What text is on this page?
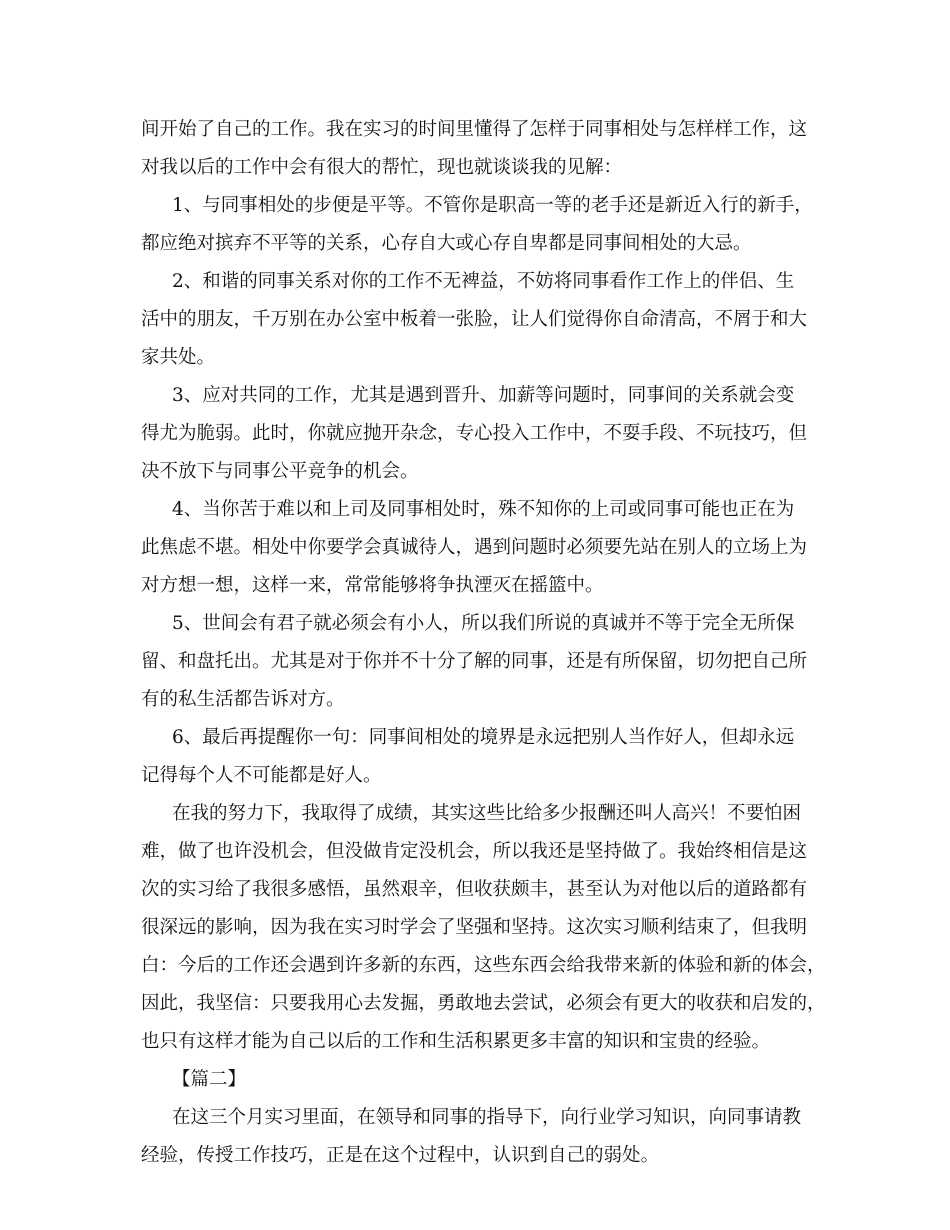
间开始了自己的工作。我在实习的时间里懂得了怎样于同事相处与怎样样工作，这
对我以后的工作中会有很大的帮忙，现也就谈谈我的见解：
1、与同事相处的步便是平等。不管你是职高一等的老手还是新近入行的新手，
都应绝对摈弃不平等的关系，心存自大或心存自卑都是同事间相处的大忌。
2、和谐的同事关系对你的工作不无裨益，不妨将同事看作工作上的伴侣、生
活中的朋友，千万别在办公室中板着一张脸，让人们觉得你自命清高，不屑于和大
家共处。
3、应对共同的工作，尤其是遇到晋升、加薪等问题时，同事间的关系就会变
得尤为脆弱。此时，你就应抛开杂念，专心投入工作中，不耍手段、不玩技巧，但
决不放下与同事公平竞争的机会。
4、当你苦于难以和上司及同事相处时，殊不知你的上司或同事可能也正在为
此焦虑不堪。相处中你要学会真诚待人，遇到问题时必须要先站在别人的立场上为
对方想一想，这样一来，常常能够将争执湮灭在摇篮中。
5、世间会有君子就必须会有小人，所以我们所说的真诚并不等于完全无所保
留、和盘托出。尤其是对于你并不十分了解的同事，还是有所保留，切勿把自己所
有的私生活都告诉对方。
6、最后再提醒你一句：同事间相处的境界是永远把别人当作好人，但却永远
记得每个人不可能都是好人。
在我的努力下，我取得了成绩，其实这些比给多少报酬还叫人高兴！不要怕困
难，做了也许没机会，但没做肯定没机会，所以我还是坚持做了。我始终相信是这
次的实习给了我很多感悟，虽然艰辛，但收获颇丰，甚至认为对他以后的道路都有
很深远的影响，因为我在实习时学会了坚强和坚持。这次实习顺利结束了，但我明
白：今后的工作还会遇到许多新的东西，这些东西会给我带来新的体验和新的体会，
因此，我坚信：只要我用心去发掘，勇敢地去尝试，必须会有更大的收获和启发的，
也只有这样才能为自己以后的工作和生活积累更多丰富的知识和宝贵的经验。
【篇二】
在这三个月实习里面，在领导和同事的指导下，向行业学习知识，向同事请教
经验，传授工作技巧，正是在这个过程中，认识到自己的弱处。
